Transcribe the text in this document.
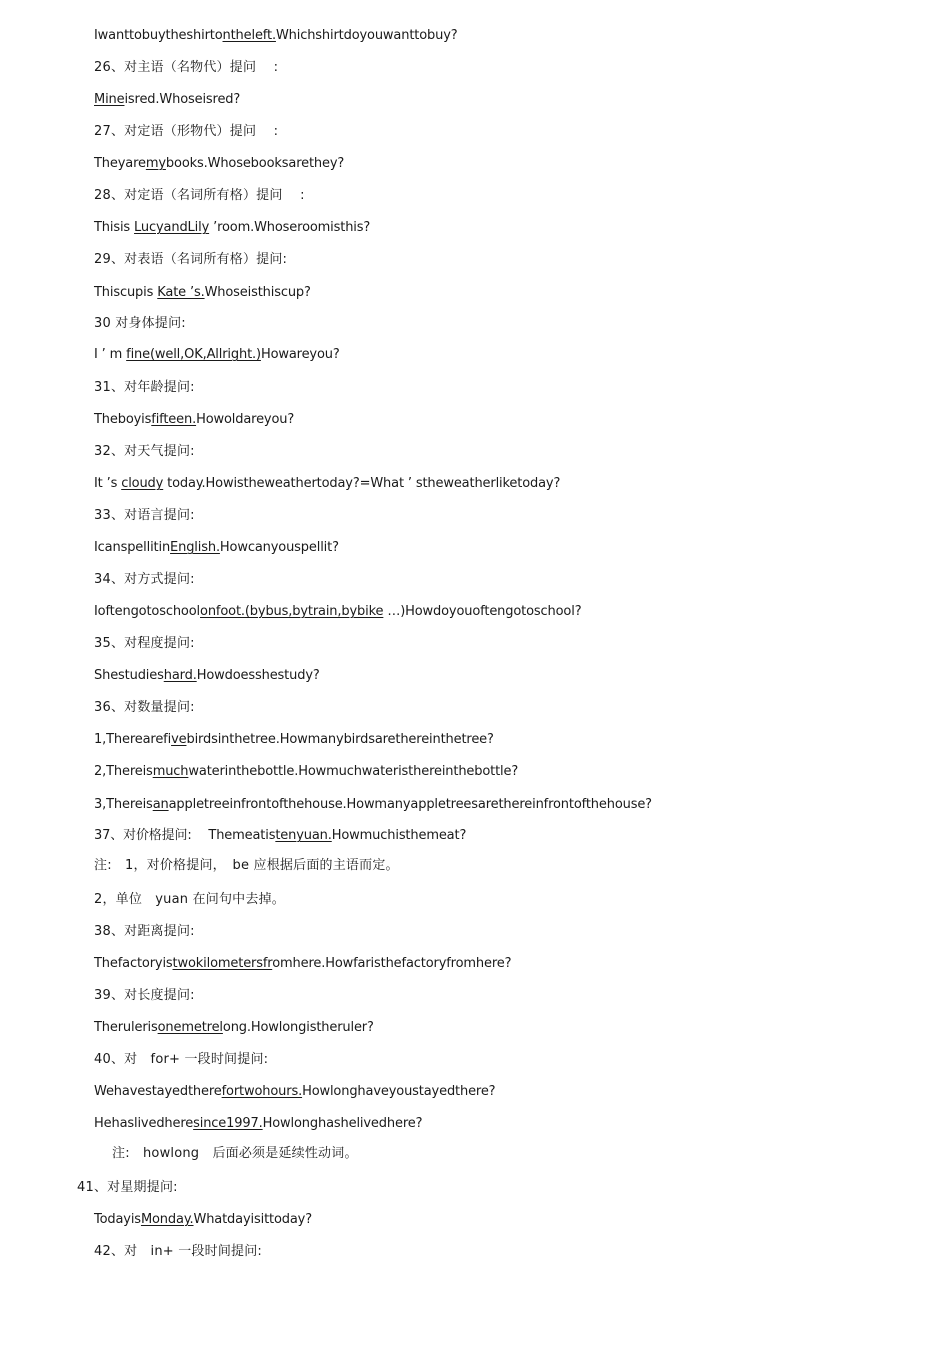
Iwanttobuytheshirtontheleft.Whichshirtdoyouwanttobuy?
26、对主语（名物代）提问　 :
Mineisred.Whoseisred?
27、对定语（形物代）提问　 :
Theyaremybooks.Whosebooksarethey?
28、对定语（名词所有格）提问　 :
Thisis LucyandLily ’room.Whoseroomisthis?
29、对表语（名词所有格）提问:
Thiscupis Kate ’s.Whoseisthiscup?
30 对身体提问:
I ’ m fine(well,OK,Allright.)Howareyou?
31、对年龄提问:
Theboyisfifteen.Howoldareyou?
32、对天气提问:
It ’s cloudy today.Howistheweathertoday?=What ’ stheweatherliketoday?
33、对语言提问:
IcanspellitinEnglish.Howcanyouspellit?
34、对方式提问:
Ioftengotoschoolonfoot.(bybus,bytrain,bybike …)Howdoyouoftengotoschool?
35、对程度提问:
Shestudieshard.Howdoesshestudy?
36、对数量提问:
1,Therearefivebirdsinthetree.Howmanybirdsarethereinthetree?
2,Thereismuchwaterinthebottle.Howmuchwateristhereinthebottle?
3,Thereisanappletreeinfrontofthehouse.Howmanyappletreesarethereinfrontofthehouse?
37、对价格提问:　 Themeatistenyuan.Howmuchisthemeat?
注:　1，对价格提问，　be 应根据后面的主语而定。
2，单位　yuan 在问句中去掉。
38、对距离提问:
Thefactoryistwokilometersfromhere.Howfaristhefactoryfromhere?
39、对长度提问:
Therulerisonemetrelong.Howlongistheruler?
40、对　for+ 一段时间提问:
Wehavestayedtherefortwohours.Howlonghaveyoustayedthere?
Hehaslivedheresince1997.Howlonghashelivedhere?
注:　howlong　后面必须是延续性动词。
41、对星期提问:
TodayisMonday.Whatdayisittoday?
42、对　in+ 一段时间提问:
